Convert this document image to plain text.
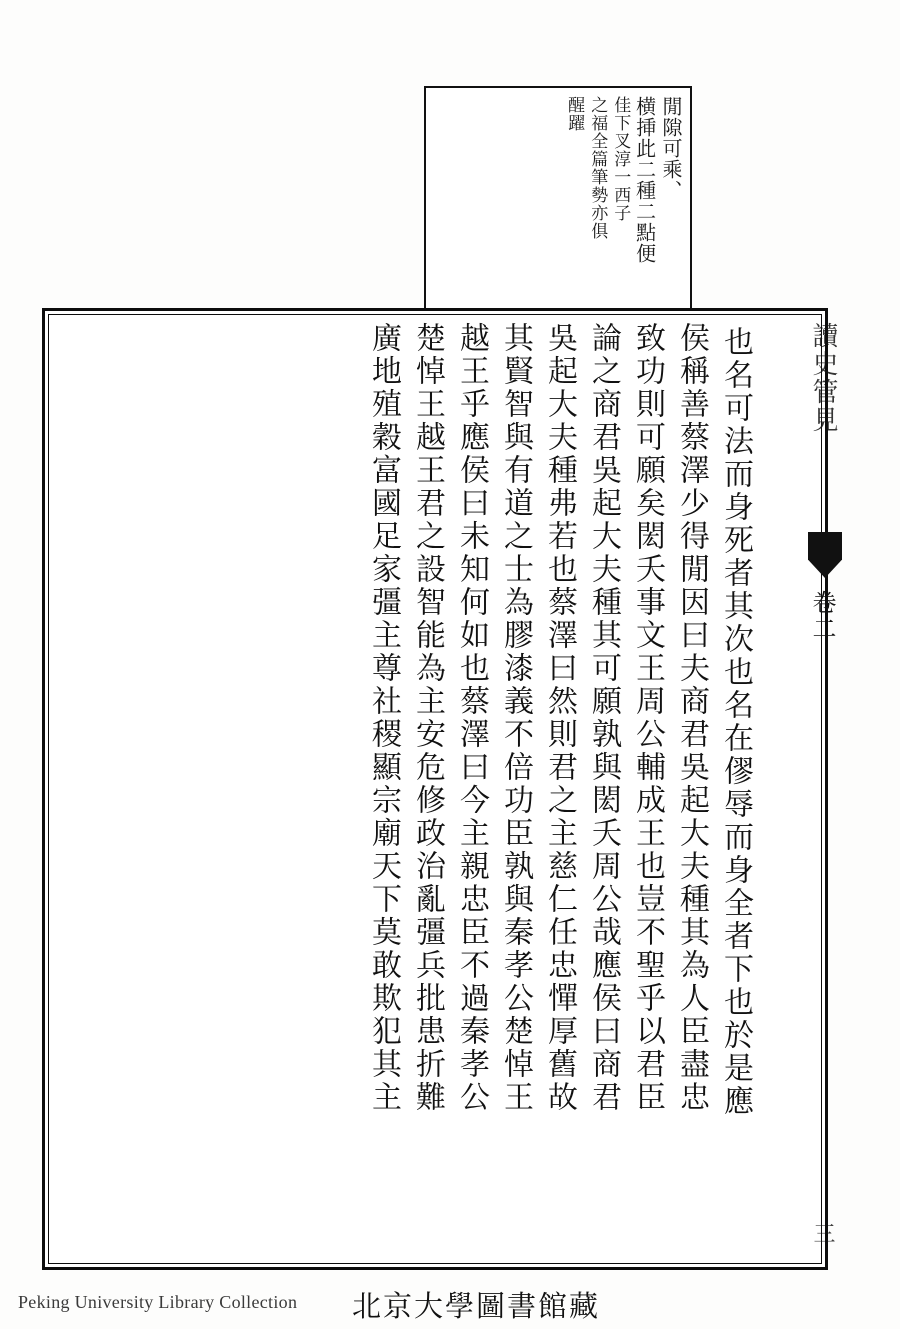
閒隙可乘、
横挿此二種二點便
佳下叉淳一西子
之福全篇筆勢亦俱
醒躍
讀史管見
卷二
三
也名可法而身死者其次也名在僇辱而身全者下也於是應
侯稱善蔡澤少得閒因曰夫商君吳起大夫種其為人臣盡忠
致功則可願矣閎夭事文王周公輔成王也豈不聖乎以君臣
論之商君吳起大夫種其可願孰與閎夭周公哉應侯曰商君
吳起大夫種弗若也蔡澤曰然則君之主慈仁任忠憚厚舊故
其賢智與有道之士為膠漆義不倍功臣孰與秦孝公楚悼王
越王乎應侯曰未知何如也蔡澤曰今主親忠臣不過秦孝公
楚悼王越王君之設智能為主安危修政治亂彊兵批患折難
廣地殖穀富國足家彊主尊社稷顯宗廟天下莫敢欺犯其主
Peking University Library Collection 北京大學圖書館藏
